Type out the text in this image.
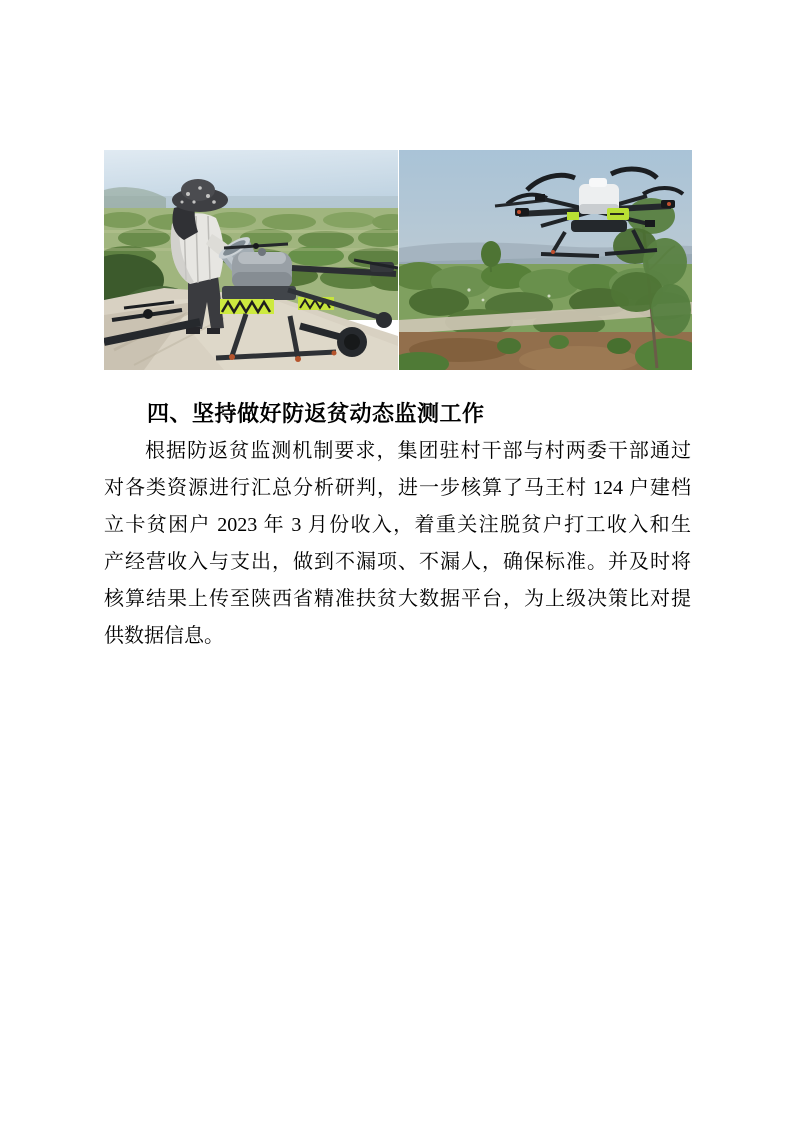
四、坚持做好防返贫动态监测工作
根据防返贫监测机制要求，集团驻村干部与村两委干部通过
对各类资源进行汇总分析研判，进一步核算了马王村 124 户建档
立卡贫困户 2023 年 3 月份收入，着重关注脱贫户打工收入和生
产经营收入与支出，做到不漏项、不漏人，确保标准。并及时将
核算结果上传至陕西省精准扶贫大数据平台，为上级决策比对提
供数据信息。
